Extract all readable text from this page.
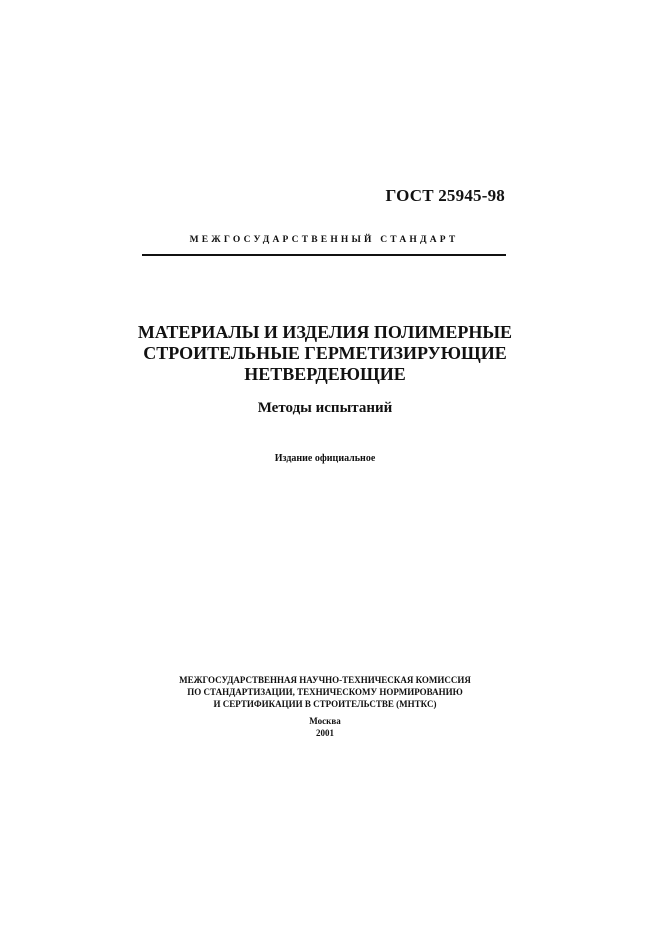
ГОСТ 25945-98
МЕЖГОСУДАРСТВЕННЫЙ СТАНДАРТ
МАТЕРИАЛЫ И ИЗДЕЛИЯ ПОЛИМЕРНЫЕ
СТРОИТЕЛЬНЫЕ ГЕРМЕТИЗИРУЮЩИЕ
НЕТВЕРДЕЮЩИЕ
Методы испытаний
Издание официальное
МЕЖГОСУДАРСТВЕННАЯ НАУЧНО-ТЕХНИЧЕСКАЯ КОМИССИЯ
ПО СТАНДАРТИЗАЦИИ, ТЕХНИЧЕСКОМУ НОРМИРОВАНИЮ
И СЕРТИФИКАЦИИ В СТРОИТЕЛЬСТВЕ (МНТКС)
Москва
2001
